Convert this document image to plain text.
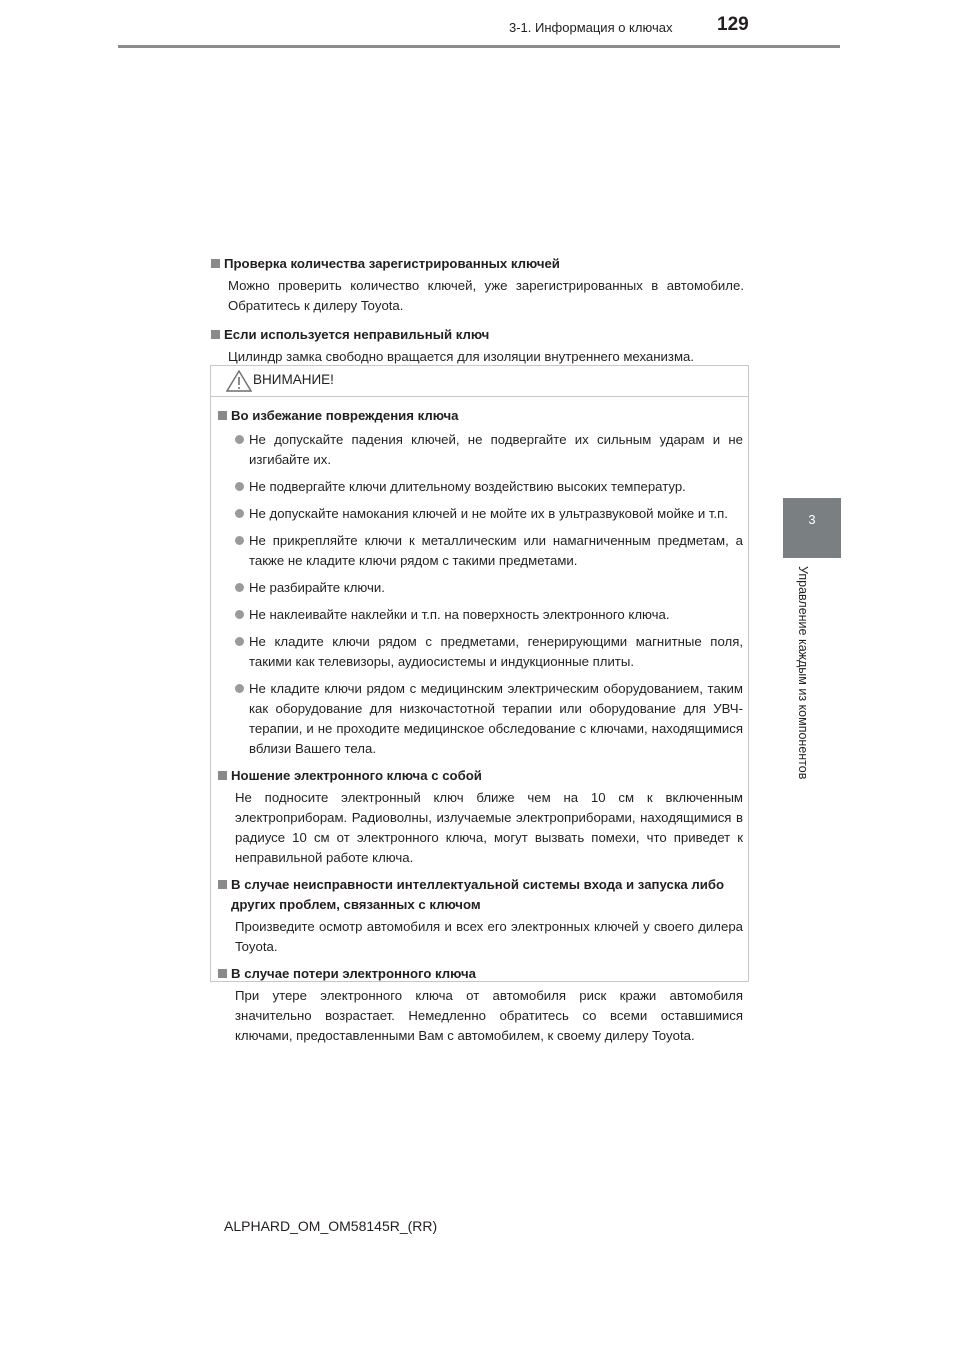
3-1. Информация о ключах 129
3
Управление каждым из компонентов

Проверка количества зарегистрированных ключей

Можно проверить количество ключей, уже зарегистрированных в автомобиле. Обратитесь к дилеру Toyota.

Если используется неправильный ключ

Цилиндр замка свободно вращается для изоляции внутреннего механизма.

ВНИМАНИЕ!

Во избежание повреждения ключа

Не допускайте падения ключей, не подвергайте их сильным ударам и не изгибайте их.

Не подвергайте ключи длительному воздействию высоких температур.

Не допускайте намокания ключей и не мойте их в ультразвуковой мойке и т.п.

Не прикрепляйте ключи к металлическим или намагниченным предметам, а также не кладите ключи рядом с такими предметами.

Не разбирайте ключи.

Не наклеивайте наклейки и т.п. на поверхность электронного ключа.

Не кладите ключи рядом с предметами, генерирующими магнитные поля, такими как телевизоры, аудиосистемы и индукционные плиты.

Не кладите ключи рядом с медицинским электрическим оборудованием, таким как оборудование для низкочастотной терапии или оборудование для УВЧ-терапии, и не проходите медицинское обследование с ключами, находящимися вблизи Вашего тела.

Ношение электронного ключа с собой

Не подносите электронный ключ ближе чем на 10 см к включенным электроприборам. Радиоволны, излучаемые электроприборами, находящимися в радиусе 10 см от электронного ключа, могут вызвать помехи, что приведет к неправильной работе ключа.

В случае неисправности интеллектуальной системы входа и запуска либо других проблем, связанных с ключом

Произведите осмотр автомобиля и всех его электронных ключей у своего дилера Toyota.

В случае потери электронного ключа

При утере электронного ключа от автомобиля риск кражи автомобиля значительно возрастает. Немедленно обратитесь со всеми оставшимися ключами, предоставленными Вам с автомобилем, к своему дилеру Toyota.

ALPHARD_OM_OM58145R_(RR)
